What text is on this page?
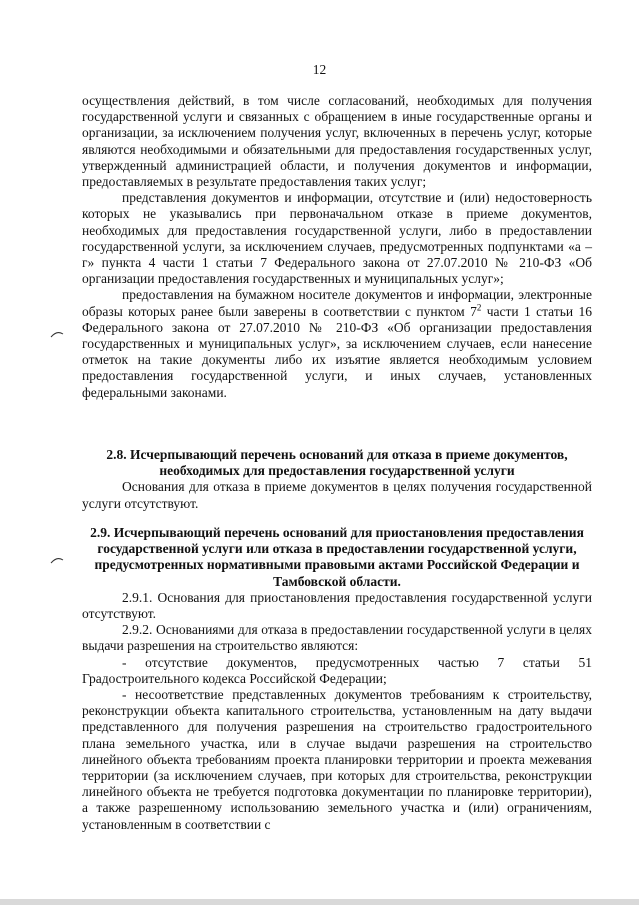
12

осуществления действий, в том числе согласований, необходимых для получения государственной услуги и связанных с обращением в иные государственные органы и организации, за исключением получения услуг, включенных в перечень услуг, которые являются необходимыми и обязательными для предоставления государственных услуг, утвержденный администрацией области, и получения документов и информации, предоставляемых в результате предоставления таких услуг;

представления документов и информации, отсутствие и (или) недостоверность которых не указывались при первоначальном отказе в приеме документов, необходимых для предоставления государственной услуги, либо в предоставлении государственной услуги, за исключением случаев, предусмотренных подпунктами «а – г» пункта 4 части 1 статьи 7 Федерального закона от 27.07.2010 № 210-ФЗ «Об организации предоставления государственных и муниципальных услуг»;

предоставления на бумажном носителе документов и информации, электронные образы которых ранее были заверены в соответствии с пунктом $7^2$ части 1 статьи 16 Федерального закона от 27.07.2010 № 210-ФЗ «Об организации предоставления государственных и муниципальных услуг», за исключением случаев, если нанесение отметок на такие документы либо их изъятие является необходимым условием предоставления государственной услуги, и иных случаев, установленных федеральными законами.

2.8. Исчерпывающий перечень оснований для отказа в приеме документов,
необходимых для предоставления государственной услуги

Основания для отказа в приеме документов в целях получения государственной услуги отсутствуют.

2.9. Исчерпывающий перечень оснований для приостановления предоставления государственной услуги или отказа в предоставлении государственной услуги, предусмотренных нормативными правовыми актами Российской Федерации и Тамбовской области.

2.9.1. Основания для приостановления предоставления государственной услуги отсутствуют.

2.9.2. Основаниями для отказа в предоставлении государственной услуги в целях выдачи разрешения на строительство являются:

- отсутствие документов, предусмотренных частью 7 статьи 51 Градостроительного кодекса Российской Федерации;

- несоответствие представленных документов требованиям к строительству, реконструкции объекта капитального строительства, установленным на дату выдачи представленного для получения разрешения на строительство градостроительного плана земельного участка, или в случае выдачи разрешения на строительство линейного объекта требованиям проекта планировки территории и проекта межевания территории (за исключением случаев, при которых для строительства, реконструкции линейного объекта не требуется подготовка документации по планировке территории), а также разрешенному использованию земельного участка и (или) ограничениям, установленным в соответствии с
